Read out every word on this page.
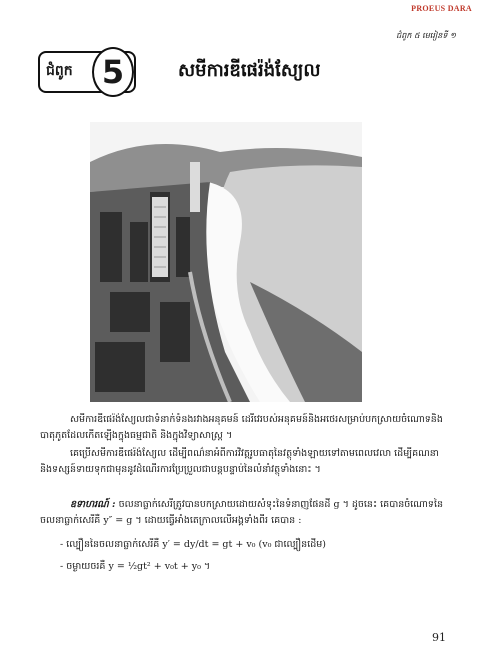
PROEUS DARA
ជំពូក ៥ មេរៀនទី ១
ជំពូក 5	សមីការឌីផេរ៉ង់ស្យែល

សមីការឌីផេរ៉ង់ស្យែលជាទំនាក់ទំនងរវាងអនុគមន៍ ដេរីវេរបស់អនុគមន៍និងអថេរសម្រាប់បកស្រាយចំណោទនិងបាតុភូតដែលកើតឡើងក្នុងធម្មជាតិ និងក្នុងវិទ្យាសាស្ត្រ ។

គេប្រើសមីការឌីផេរ៉ង់ស្យែល ដើម្បីពណ៌នាអំពីការវិវត្តរូបធាតុនៃវត្ថុទាំងឡាយទៅតាមពេលវេលា ដើម្បីគណនានិងទស្សន៍ទាយទុកជាមុននូវដំណើរការប្រែប្រួលជាបន្តបន្ទាប់នៃលំនាំវត្ថុទាំងនោះ ។

ឧទាហរណ៍ : ចលនាធ្លាក់សេរីត្រូវបានបកស្រាយដោយសំទុះនៃទំនាញផែនដី g ។ ដូចនេះ គេបានចំណោទនៃចលនាធ្លាក់សេរីគឺ y″ = g ។ ដោយធ្វើអាំងតេក្រាលលើអង្គទាំងពីរ គេបាន :

- ល្បឿននៃចលនាធ្លាក់សេរីគឺ y′ = dy/dt = gt + v₀ (v₀ ជាល្បឿនដើម)
- ចម្ងាយចរគឺ y = ½gt² + v₀t + y₀ ។
91
